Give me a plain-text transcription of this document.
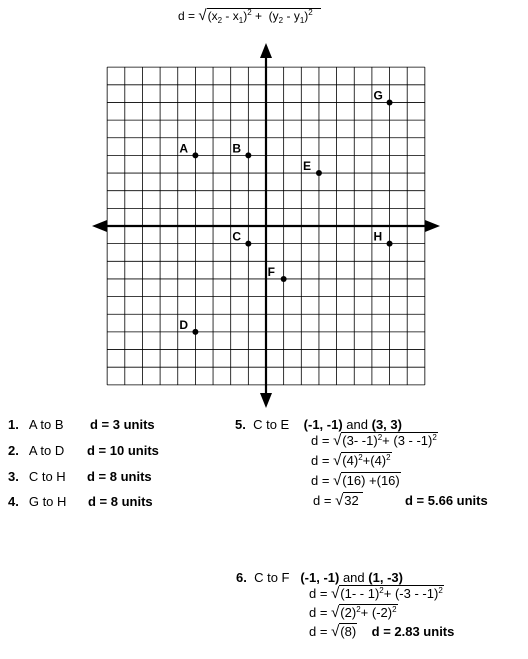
$d = √(x_2 - x_1)^2 + (y_2 - y_1)^2$
A	B
C
D
E
F
G
H
1. A to B d = 3 units
2. A to D d = 10 units
3. C to H d = 8 units
4. G to H d = 8 units
5. C to E (-1, -1) and (3, 3)
d = √(3- -1)$^2$+ (3 - -1)$^2$
$d = √(4)^2+(4)^2$
d = √(16) +(16)
d = √32	d = 5.66 units
6. C to F (-1, -1) and (1, -3)
d = √(1- - 1)$^2$+ (-3 - -1)$^2$
$d = √(2)^2+ (-2)^2$
d = √(8) d = 2.83 units
